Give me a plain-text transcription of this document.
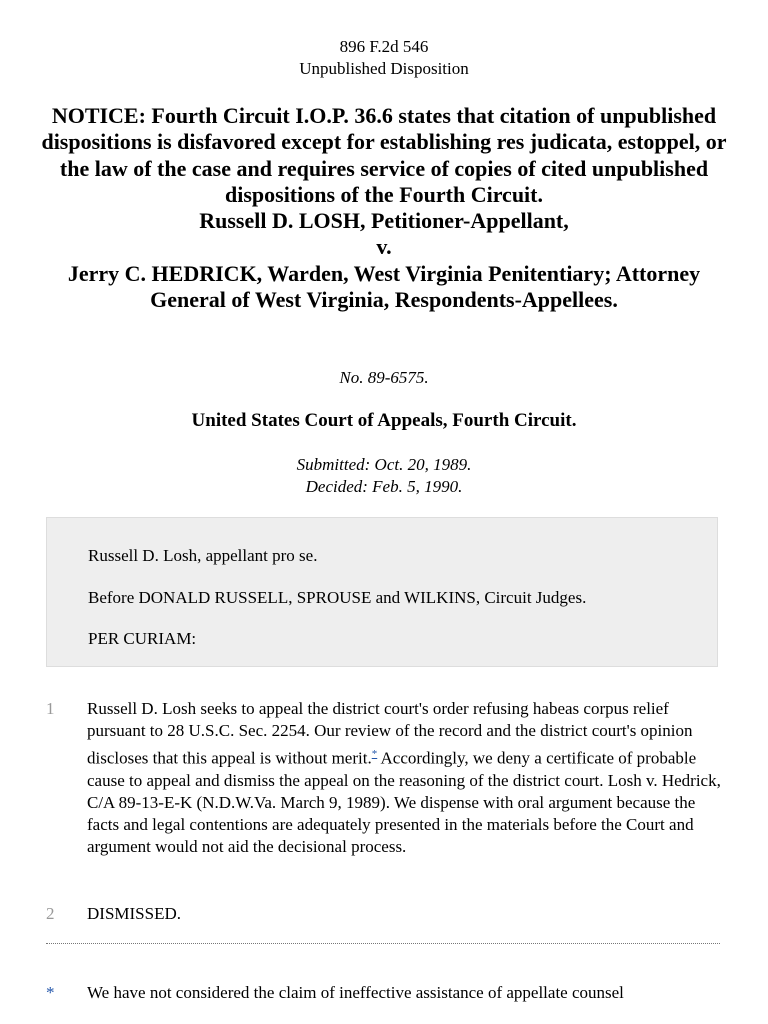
896 F.2d 546
Unpublished Disposition
NOTICE: Fourth Circuit I.O.P. 36.6 states that citation of unpublished dispositions is disfavored except for establishing res judicata, estoppel, or the law of the case and requires service of copies of cited unpublished dispositions of the Fourth Circuit.
Russell D. LOSH, Petitioner-Appellant,
v.
Jerry C. HEDRICK, Warden, West Virginia Penitentiary; Attorney General of West Virginia, Respondents-Appellees.
No. 89-6575.
United States Court of Appeals, Fourth Circuit.
Submitted: Oct. 20, 1989.
Decided: Feb. 5, 1990.
Russell D. Losh, appellant pro se.
Before DONALD RUSSELL, SPROUSE and WILKINS, Circuit Judges.
PER CURIAM:
1 Russell D. Losh seeks to appeal the district court's order refusing habeas corpus relief pursuant to 28 U.S.C. Sec. 2254. Our review of the record and the district court's opinion discloses that this appeal is without merit.* Accordingly, we deny a certificate of probable cause to appeal and dismiss the appeal on the reasoning of the district court. Losh v. Hedrick, C/A 89-13-E-K (N.D.W.Va. March 9, 1989). We dispense with oral argument because the facts and legal contentions are adequately presented in the materials before the Court and argument would not aid the decisional process.
2 DISMISSED.
* We have not considered the claim of ineffective assistance of appellate counsel
